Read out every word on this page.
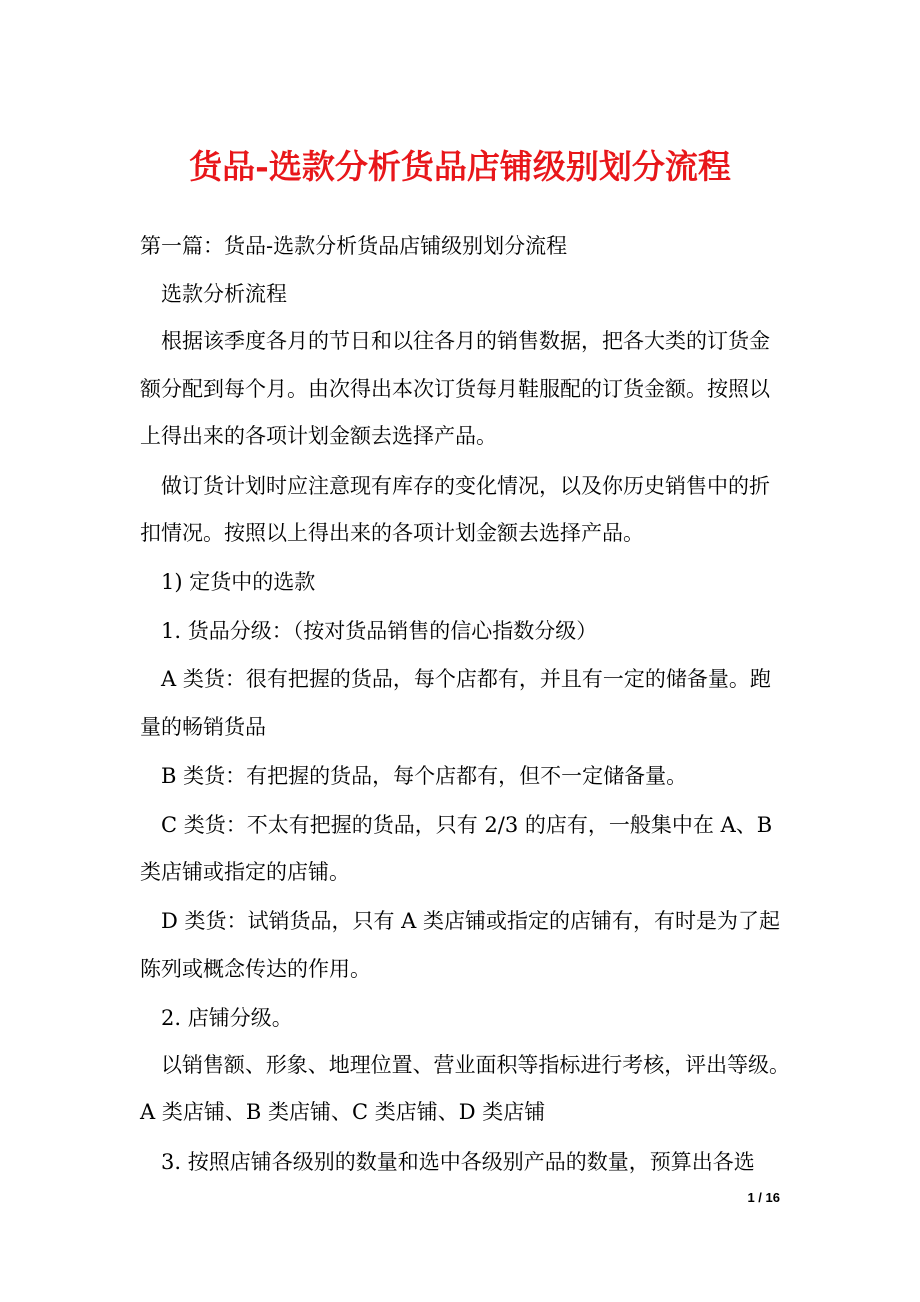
货品-选款分析货品店铺级别划分流程
第一篇：货品-选款分析货品店铺级别划分流程
选款分析流程
根据该季度各月的节日和以往各月的销售数据，把各大类的订货金
额分配到每个月。由次得出本次订货每月鞋服配的订货金额。按照以
上得出来的各项计划金额去选择产品。
做订货计划时应注意现有库存的变化情况，以及你历史销售中的折
扣情况。按照以上得出来的各项计划金额去选择产品。
1) 定货中的选款
1. 货品分级：（按对货品销售的信心指数分级）
A 类货：很有把握的货品，每个店都有，并且有一定的储备量。跑
量的畅销货品
B 类货：有把握的货品，每个店都有，但不一定储备量。
C 类货：不太有把握的货品，只有 2/3 的店有，一般集中在 A、B
类店铺或指定的店铺。
D 类货：试销货品，只有 A 类店铺或指定的店铺有，有时是为了起
陈列或概念传达的作用。
2. 店铺分级。
以销售额、形象、地理位置、营业面积等指标进行考核，评出等级。
A 类店铺、B 类店铺、C 类店铺、D 类店铺
3. 按照店铺各级别的数量和选中各级别产品的数量，预算出各选
1 / 16
